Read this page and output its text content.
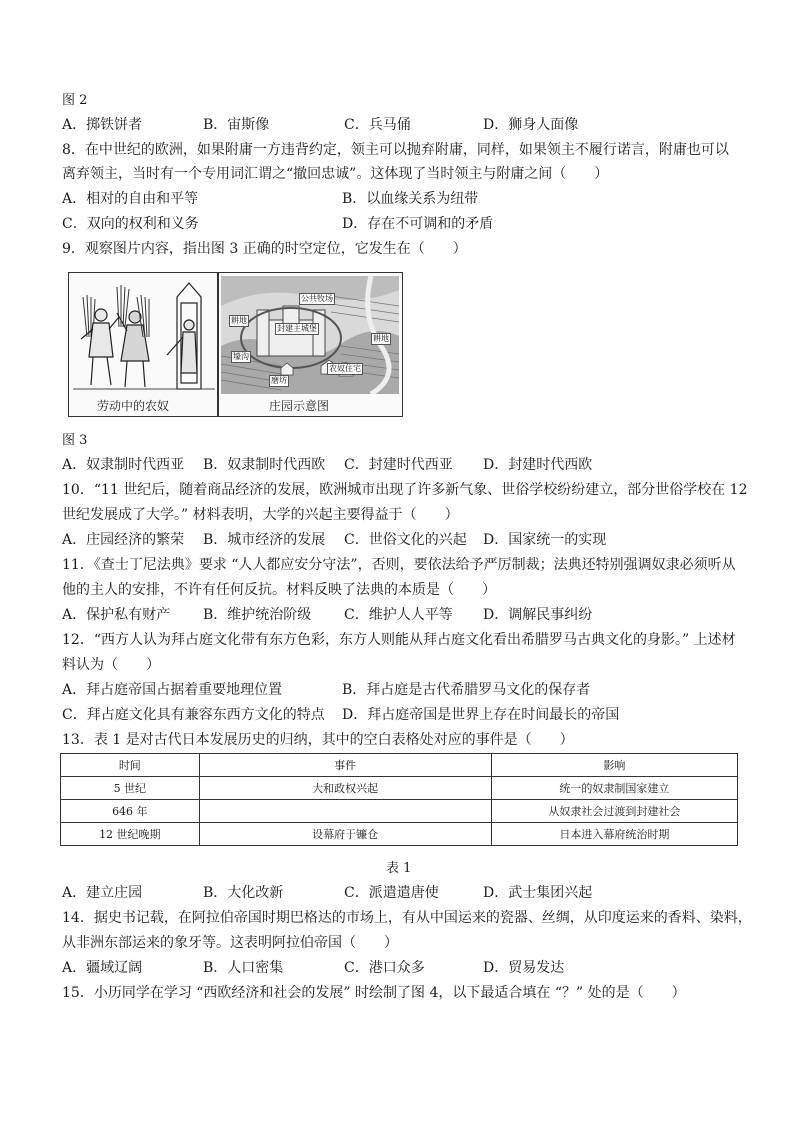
图 2
A．掷铁饼者	B．宙斯像	C．兵马俑	D．狮身人面像
8．在中世纪的欧洲，如果附庸一方违背约定，领主可以抛弃附庸，同样，如果领主不履行诺言，附庸也可以
离弃领主，当时有一个专用词汇谓之“撤回忠诚”。这体现了当时领主与附庸之间（　　）
A．相对的自由和平等	B．以血缘关系为纽带
C．双向的权利和义务	D．存在不可调和的矛盾
9．观察图片内容，指出图 3 正确的时空定位，它发生在（　　）
公共牧场
封建主城堡
耕地
耕地
壕沟
磨坊
农奴住宅
劳动中的农奴	庄园示意图
图 3
A．奴隶制时代西亚 B．奴隶制时代西欧 C．封建时代西亚 D．封建时代西欧
10．“11 世纪后，随着商品经济的发展，欧洲城市出现了许多新气象、世俗学校纷纷建立，部分世俗学校在 12
世纪发展成了大学。” 材料表明，大学的兴起主要得益于（　　）
A．庄园经济的繁荣 B．城市经济的发展 C．世俗文化的兴起 D．国家统一的实现
11．《查士丁尼法典》要求 “人人都应安分守法”，否则，要依法给予严厉制裁；法典还特别强调奴隶必须听从
他的主人的安排，不许有任何反抗。材料反映了法典的本质是（　　）
A．保护私有财产 B．维护统治阶级 C．维护人人平等 D．调解民事纠纷
12．“西方人认为拜占庭文化带有东方色彩，东方人则能从拜占庭文化看出希腊罗马古典文化的身影。” 上述材
料认为（　　）
A．拜占庭帝国占据着重要地理位置	B．拜占庭是古代希腊罗马文化的保存者
C．拜占庭文化具有兼容东西方文化的特点 D．拜占庭帝国是世界上存在时间最长的帝国
13．表 1 是对古代日本发展历史的归纳，其中的空白表格处对应的事件是（　　）
时间	事件	影响
5 世纪	大和政权兴起	统一的奴隶制国家建立
646 年		从奴隶社会过渡到封建社会
12 世纪晚期	设幕府于镰仓	日本进入幕府统治时期
表 1
A．建立庄园	B．大化改新	C．派遣遣唐使	D．武士集团兴起
14．据史书记载，在阿拉伯帝国时期巴格达的市场上，有从中国运来的瓷器、丝绸，从印度运来的香料、染料，
从非洲东部运来的象牙等。这表明阿拉伯帝国（　　）
A．疆域辽阔	B．人口密集	C．港口众多	D．贸易发达
15．小历同学在学习 “西欧经济和社会的发展” 时绘制了图 4，以下最适合填在 “？” 处的是（　　）
